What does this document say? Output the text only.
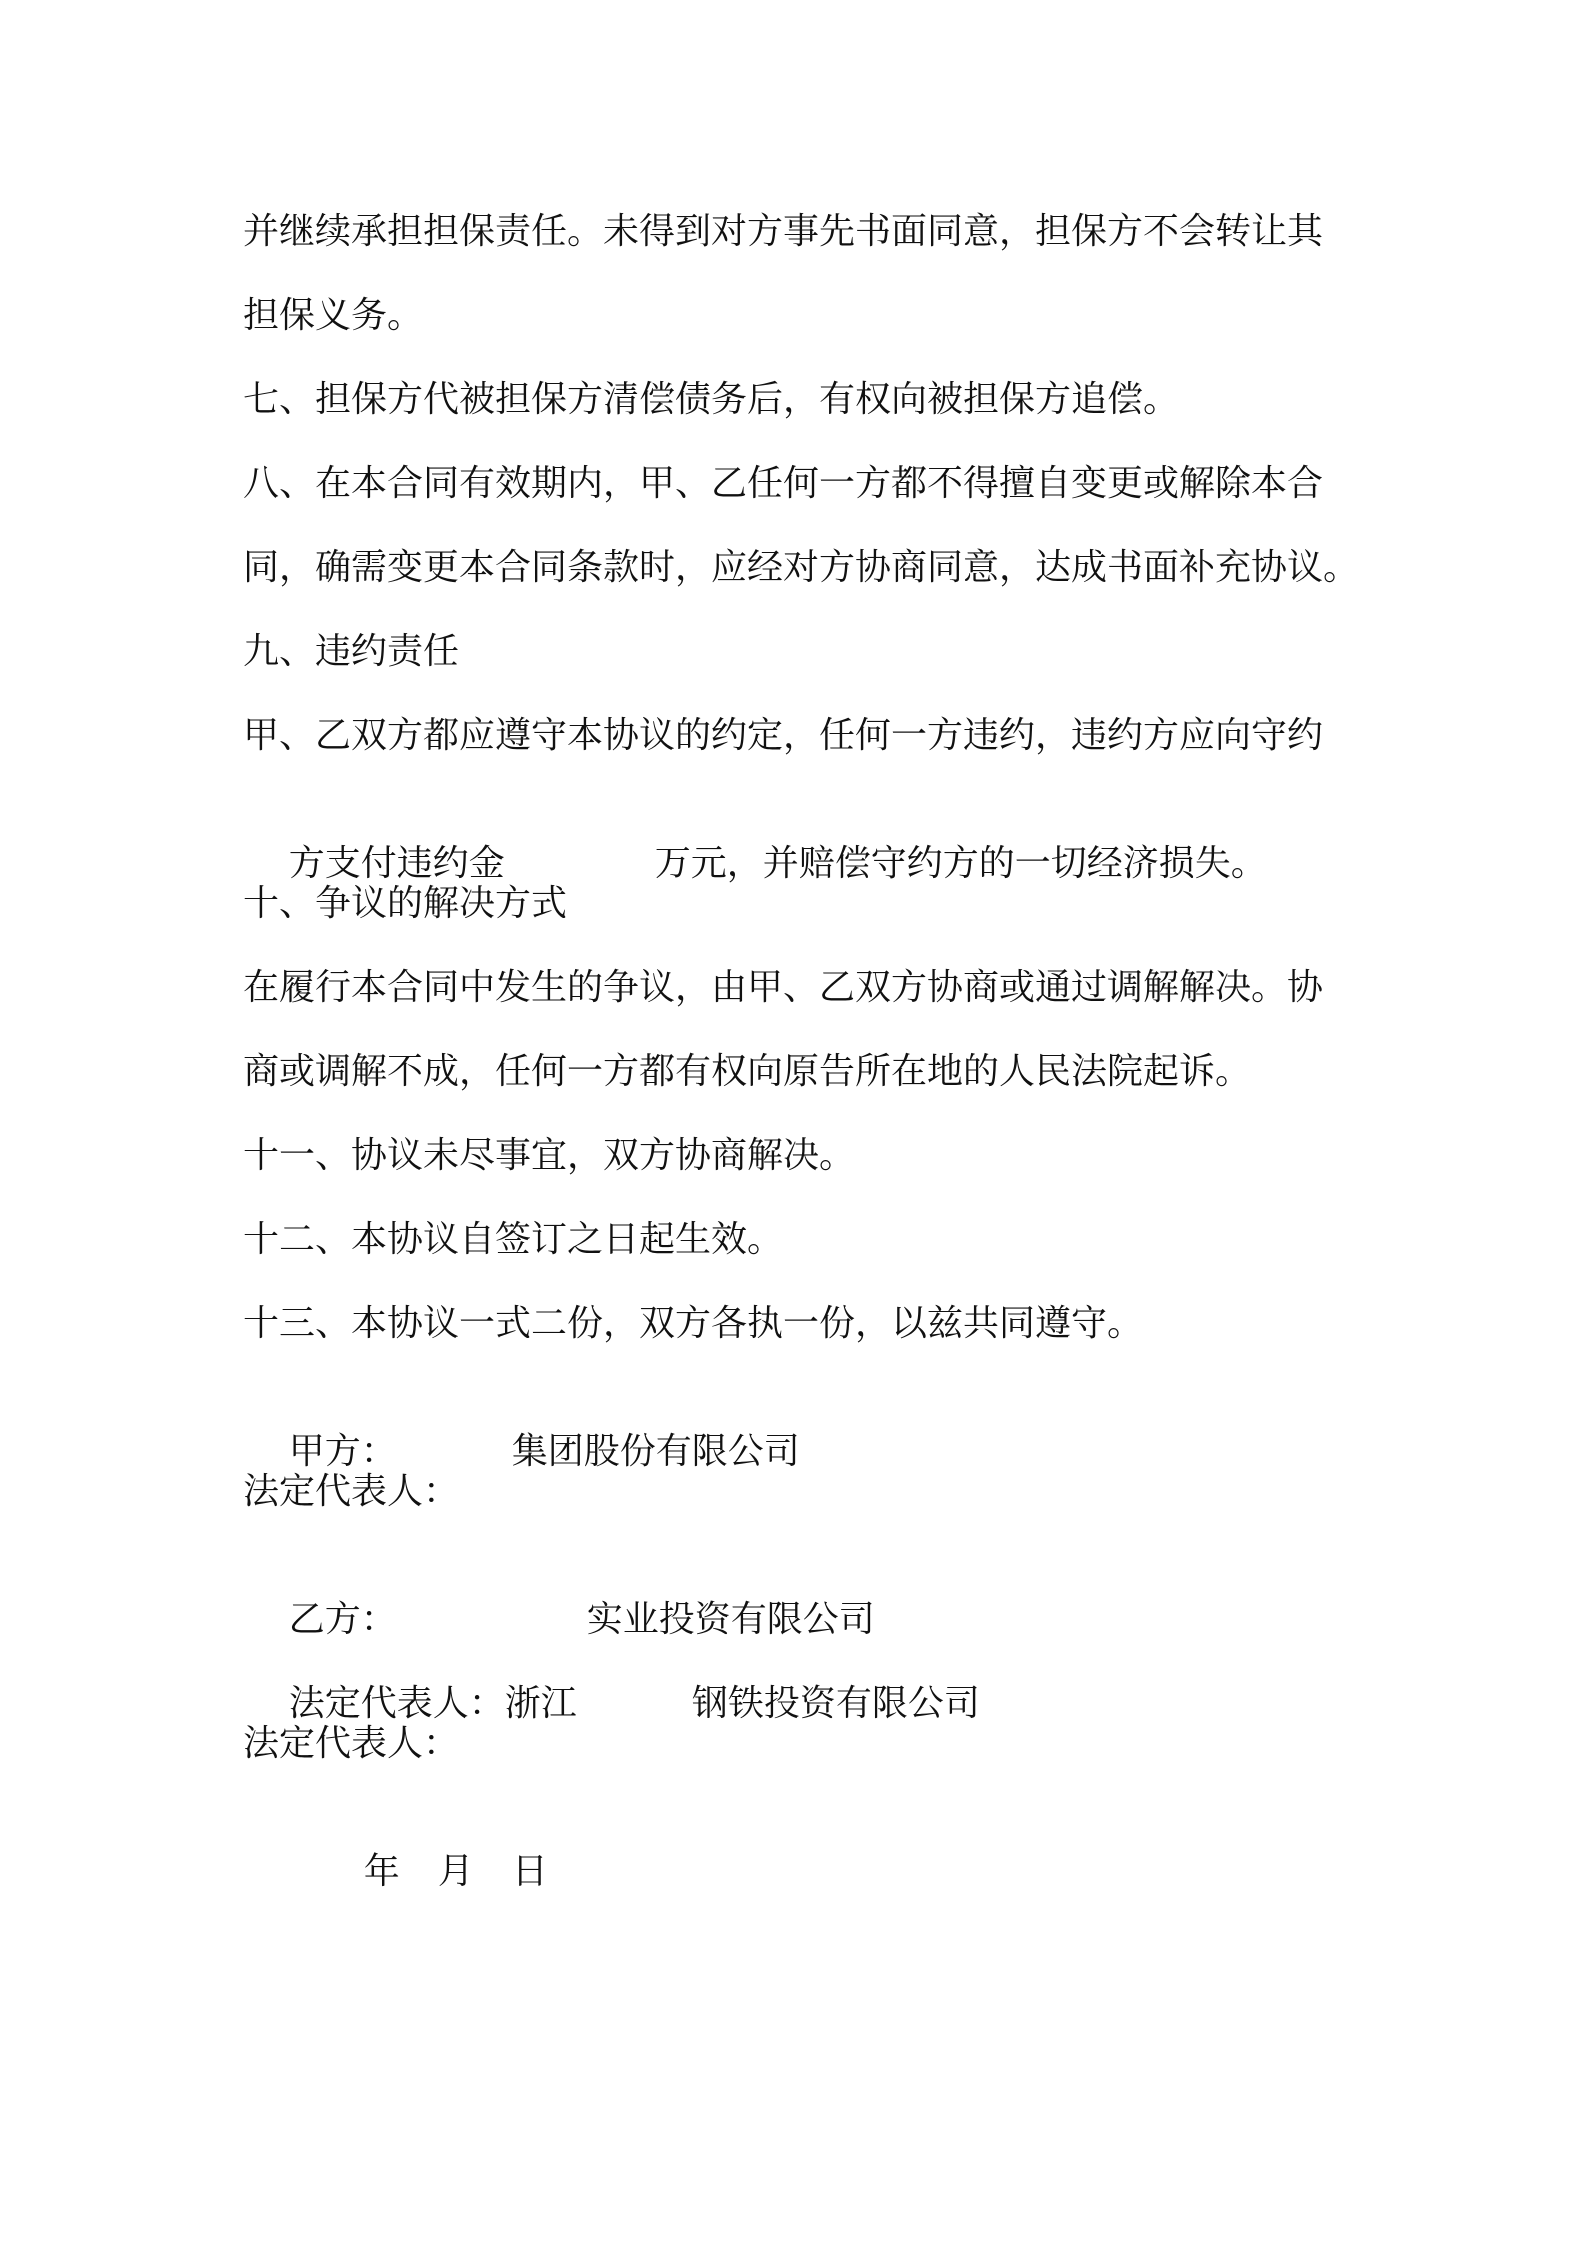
并继续承担担保责任。未得到对方事先书面同意，担保方不会转让其
担保义务。
七、担保方代被担保方清偿债务后，有权向被担保方追偿。
八、在本合同有效期内，甲、乙任何一方都不得擅自变更或解除本合
同，确需变更本合同条款时，应经对方协商同意，达成书面补充协议。
九、违约责任
甲、乙双方都应遵守本协议的约定，任何一方违约，违约方应向守约

方支付违约金	万元，并赔偿守约方的一切经济损失。

十、争议的解决方式
在履行本合同中发生的争议，由甲、乙双方协商或通过调解解决。协
商或调解不成，任何一方都有权向原告所在地的人民法院起诉。
十一、协议未尽事宜，双方协商解决。
十二、本协议自签订之日起生效。
十三、本协议一式二份，双方各执一份，以兹共同遵守。

甲方：	集团股份有限公司

法定代表人：

乙方：	实业投资有限公司

法定代表人：浙江	钢铁投资有限公司

法定代表人：

年 月 日
